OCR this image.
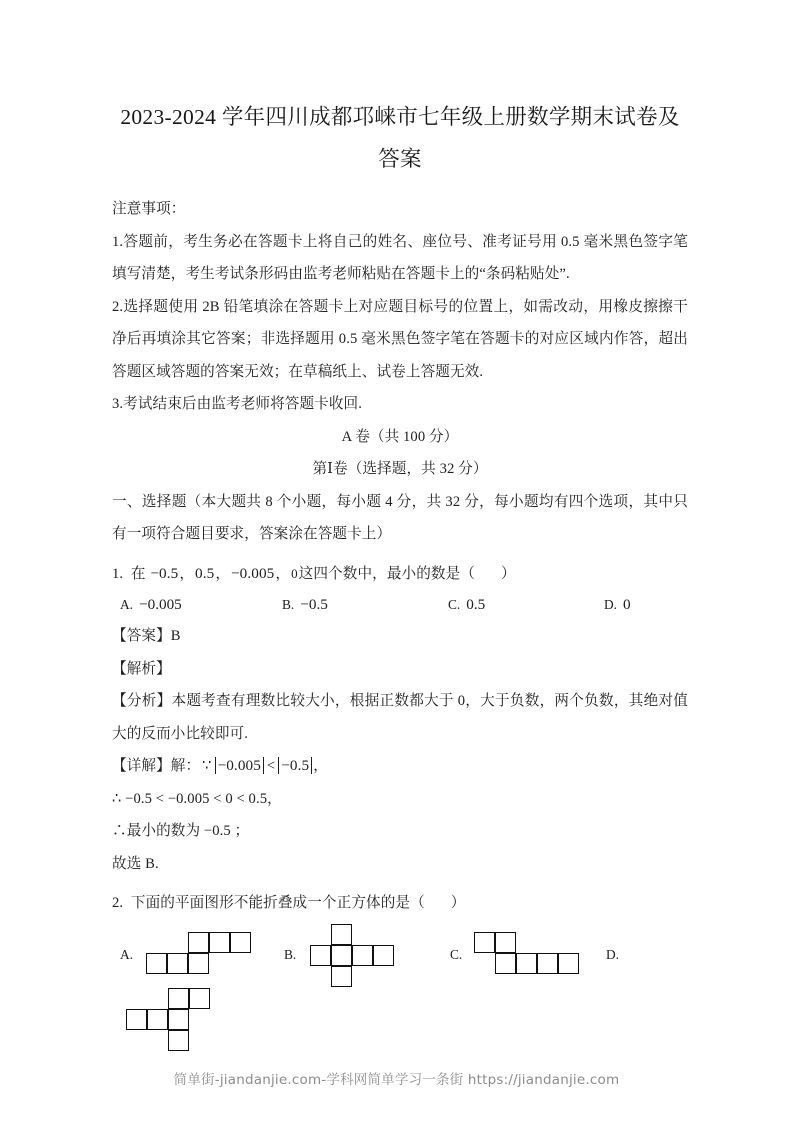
2023-2024 学年四川成都邛崃市七年级上册数学期末试卷及答案

注意事项：

1.答题前，考生务必在答题卡上将自己的姓名、座位号、准考证号用 0.5 毫米黑色签字笔填写清楚，考生考试条形码由监考老师粘贴在答题卡上的“条码粘贴处”.

2.选择题使用 2B 铅笔填涂在答题卡上对应题目标号的位置上，如需改动，用橡皮擦擦干净后再填涂其它答案；非选择题用 0.5 毫米黑色签字笔在答题卡的对应区域内作答，超出答题区域答题的答案无效；在草稿纸上、试卷上答题无效.

3.考试结束后由监考老师将答题卡收回.

A 卷（共 100 分）

第Ⅰ卷（选择题，共 32 分）

一、选择题（本大题共 8 个小题，每小题 4 分，共 32 分，每小题均有四个选项，其中只有一项符合题目要求，答案涂在答题卡上）

1. 在 −0.5，0.5，−0.005，0这四个数中，最小的数是（ ）

A. −0.005	B. −0.5	C. 0.5	D. 0

【答案】B

【解析】

【分析】本题考查有理数比较大小，根据正数都大于 0，大于负数，两个负数，其绝对值大的反而小比较即可.

【详解】解： ∵ −0.005 < −0.5 ，

∴ −0.5 < −0.005 < 0 < 0.5，

∴最小的数为 −0.5 ；

故选 B.

2. 下面的平面图形不能折叠成一个正方体的是（ ）

A.	B.	C.	D.
简单街-jiandanjie.com-学科网简单学习一条街 https://jiandanjie.com
